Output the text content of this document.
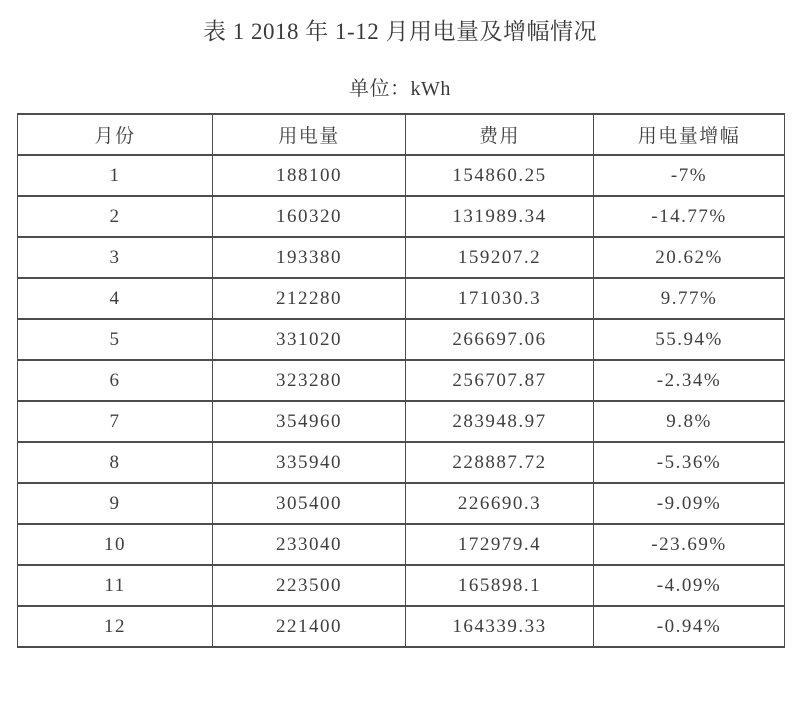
表 1 2018 年 1-12 月用电量及增幅情况
单位：kWh
月份	用电量	费用	用电量增幅
1	188100	154860.25	-7%
2	160320	131989.34	-14.77%
3	193380	159207.2	20.62%
4	212280	171030.3	9.77%
5	331020	266697.06	55.94%
6	323280	256707.87	-2.34%
7	354960	283948.97	9.8%
8	335940	228887.72	-5.36%
9	305400	226690.3	-9.09%
10	233040	172979.4	-23.69%
11	223500	165898.1	-4.09%
12	221400	164339.33	-0.94%
